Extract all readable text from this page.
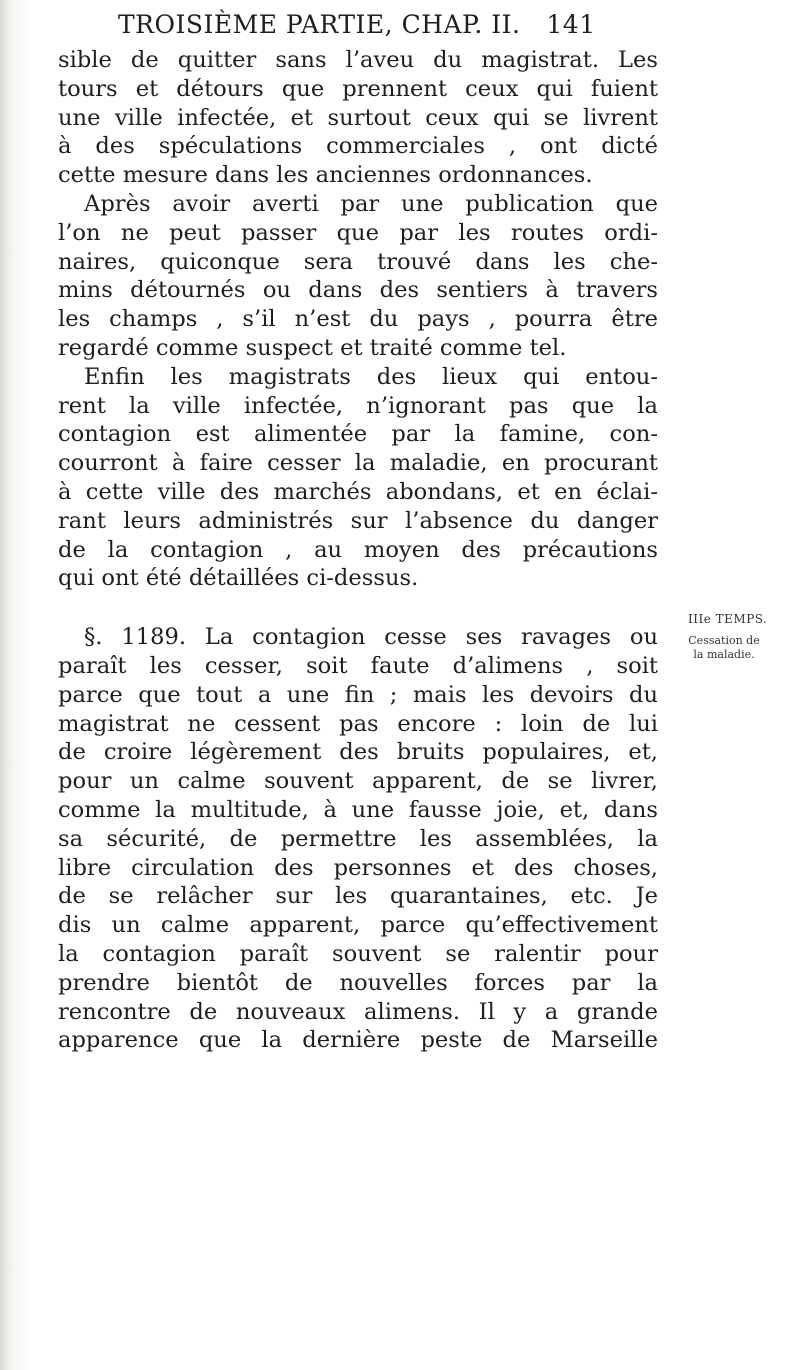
TROISIÈME PARTIE, CHAP. II. 141
sible de quitter sans l’aveu du magistrat. Les
tours et détours que prennent ceux qui fuient
une ville infectée, et surtout ceux qui se livrent
à des spéculations commerciales , ont dicté
cette mesure dans les anciennes ordonnances.
Après avoir averti par une publication que
l’on ne peut passer que par les routes ordi-
naires, quiconque sera trouvé dans les che-
mins détournés ou dans des sentiers à travers
les champs , s’il n’est du pays , pourra être
regardé comme suspect et traité comme tel.
Enfin les magistrats des lieux qui entou-
rent la ville infectée, n’ignorant pas que la
contagion est alimentée par la famine, con-
courront à faire cesser la maladie, en procurant
à cette ville des marchés abondans, et en éclai-
rant leurs administrés sur l’absence du danger
de la contagion , au moyen des précautions
qui ont été détaillées ci-dessus.
§. 1189. La contagion cesse ses ravages ou
paraît les cesser, soit faute d’alimens , soit
parce que tout a une fin ; mais les devoirs du
magistrat ne cessent pas encore : loin de lui
de croire légèrement des bruits populaires, et,
pour un calme souvent apparent, de se livrer,
comme la multitude, à une fausse joie, et, dans
sa sécurité, de permettre les assemblées, la
libre circulation des personnes et des choses,
de se relâcher sur les quarantaines, etc. Je
dis un calme apparent, parce qu’effectivement
la contagion paraît souvent se ralentir pour
prendre bientôt de nouvelles forces par la
rencontre de nouveaux alimens. Il y a grande
apparence que la dernière peste de Marseille
IIIe TEMPS.
Cessation de la maladie.
